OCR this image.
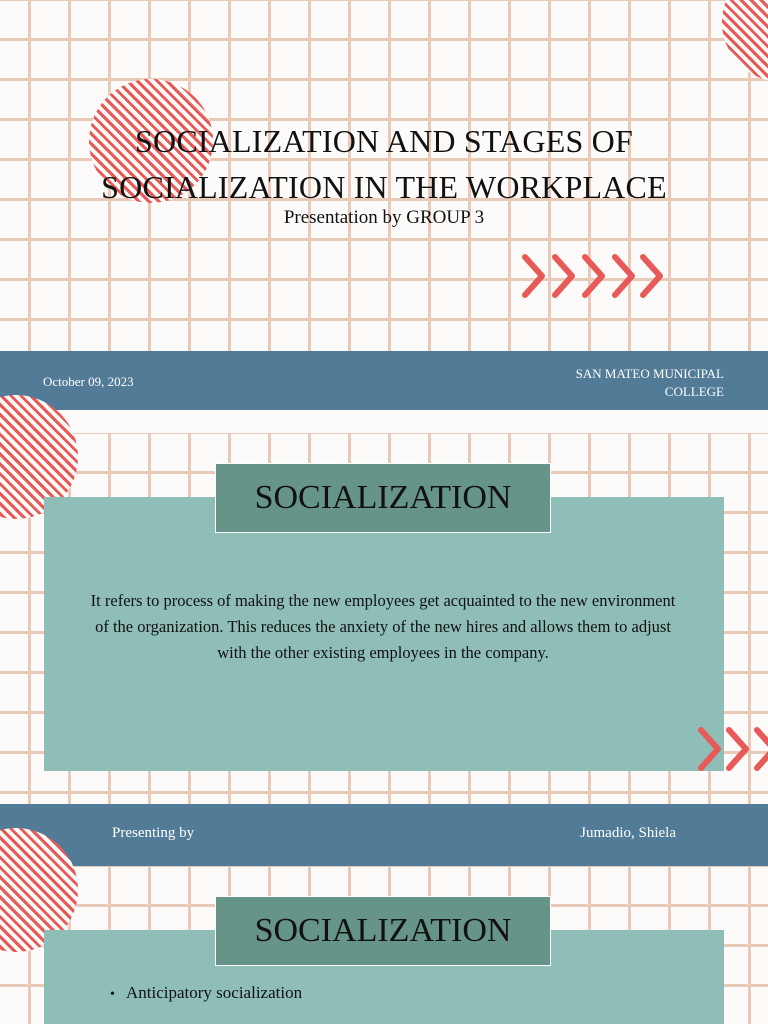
SOCIALIZATION AND STAGES OF
SOCIALIZATION IN THE WORKPLACE
Presentation by GROUP 3
October 09, 2023
SAN MATEO MUNICIPAL
COLLEGE
SOCIALIZATION
It refers to process of making the new employees get acquainted to the new environment of the organization. This reduces the anxiety of the new hires and allows them to adjust with the other existing employees in the company.
Presenting by	Jumadio, Shiela
SOCIALIZATION
• Anticipatory socialization
